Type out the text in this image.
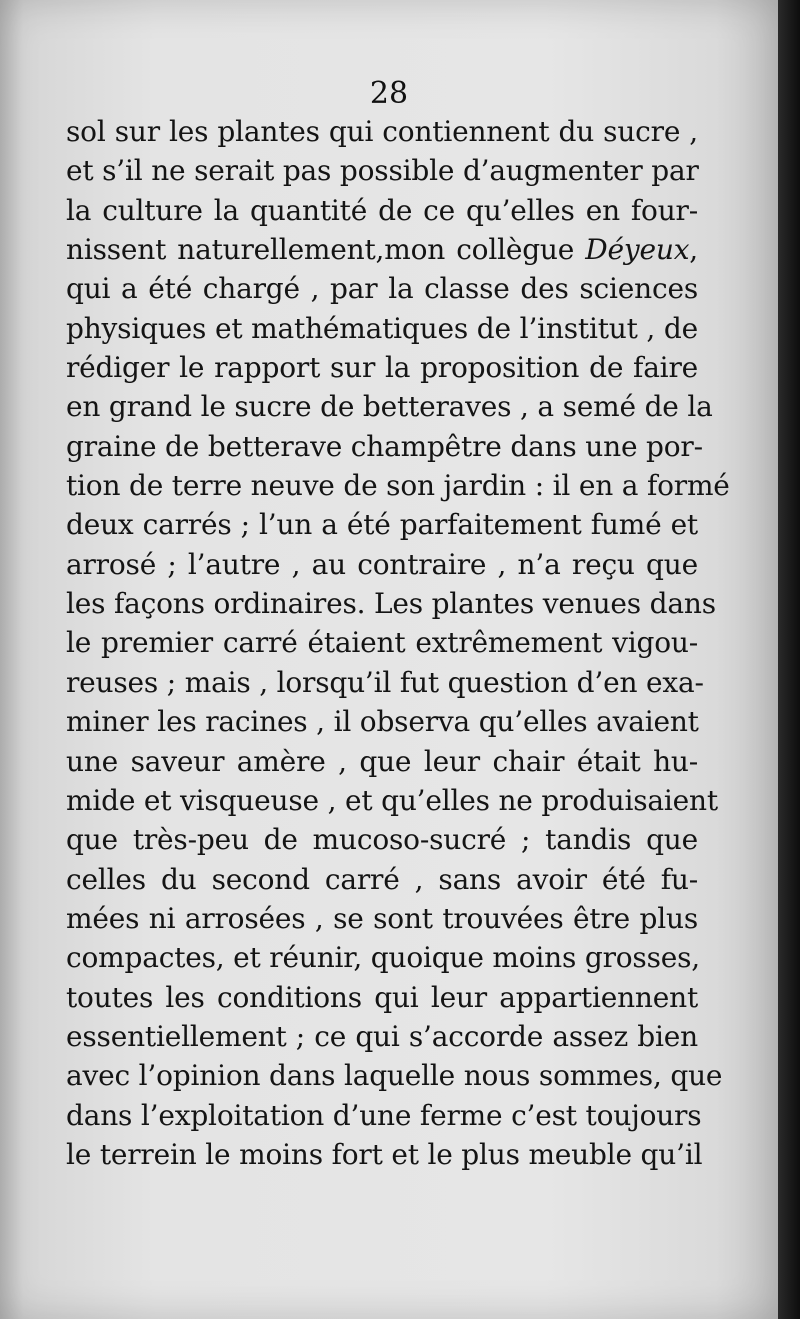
28
sol sur les plantes qui contiennent du sucre ,
et s’il ne serait pas possible d’augmenter par
la culture la quantité de ce qu’elles en four-
nissent naturellement,mon collègue Déyeux,
qui a été chargé , par la classe des sciences
physiques et mathématiques de l’institut , de
rédiger le rapport sur la proposition de faire
en grand le sucre de betteraves , a semé de la
graine de betterave champêtre dans une por-
tion de terre neuve de son jardin : il en a formé
deux carrés ; l’un a été parfaitement fumé et
arrosé ; l’autre , au contraire , n’a reçu que
les façons ordinaires. Les plantes venues dans
le premier carré étaient extrêmement vigou-
reuses ; mais , lorsqu’il fut question d’en exa-
miner les racines , il observa qu’elles avaient
une saveur amère , que leur chair était hu-
mide et visqueuse , et qu’elles ne produisaient
que très-peu de mucoso-sucré ; tandis que
celles du second carré , sans avoir été fu-
mées ni arrosées , se sont trouvées être plus
compactes, et réunir, quoique moins grosses,
toutes les conditions qui leur appartiennent
essentiellement ; ce qui s’accorde assez bien
avec l’opinion dans laquelle nous sommes, que
dans l’exploitation d’une ferme c’est toujours
le terrein le moins fort et le plus meuble qu’il
